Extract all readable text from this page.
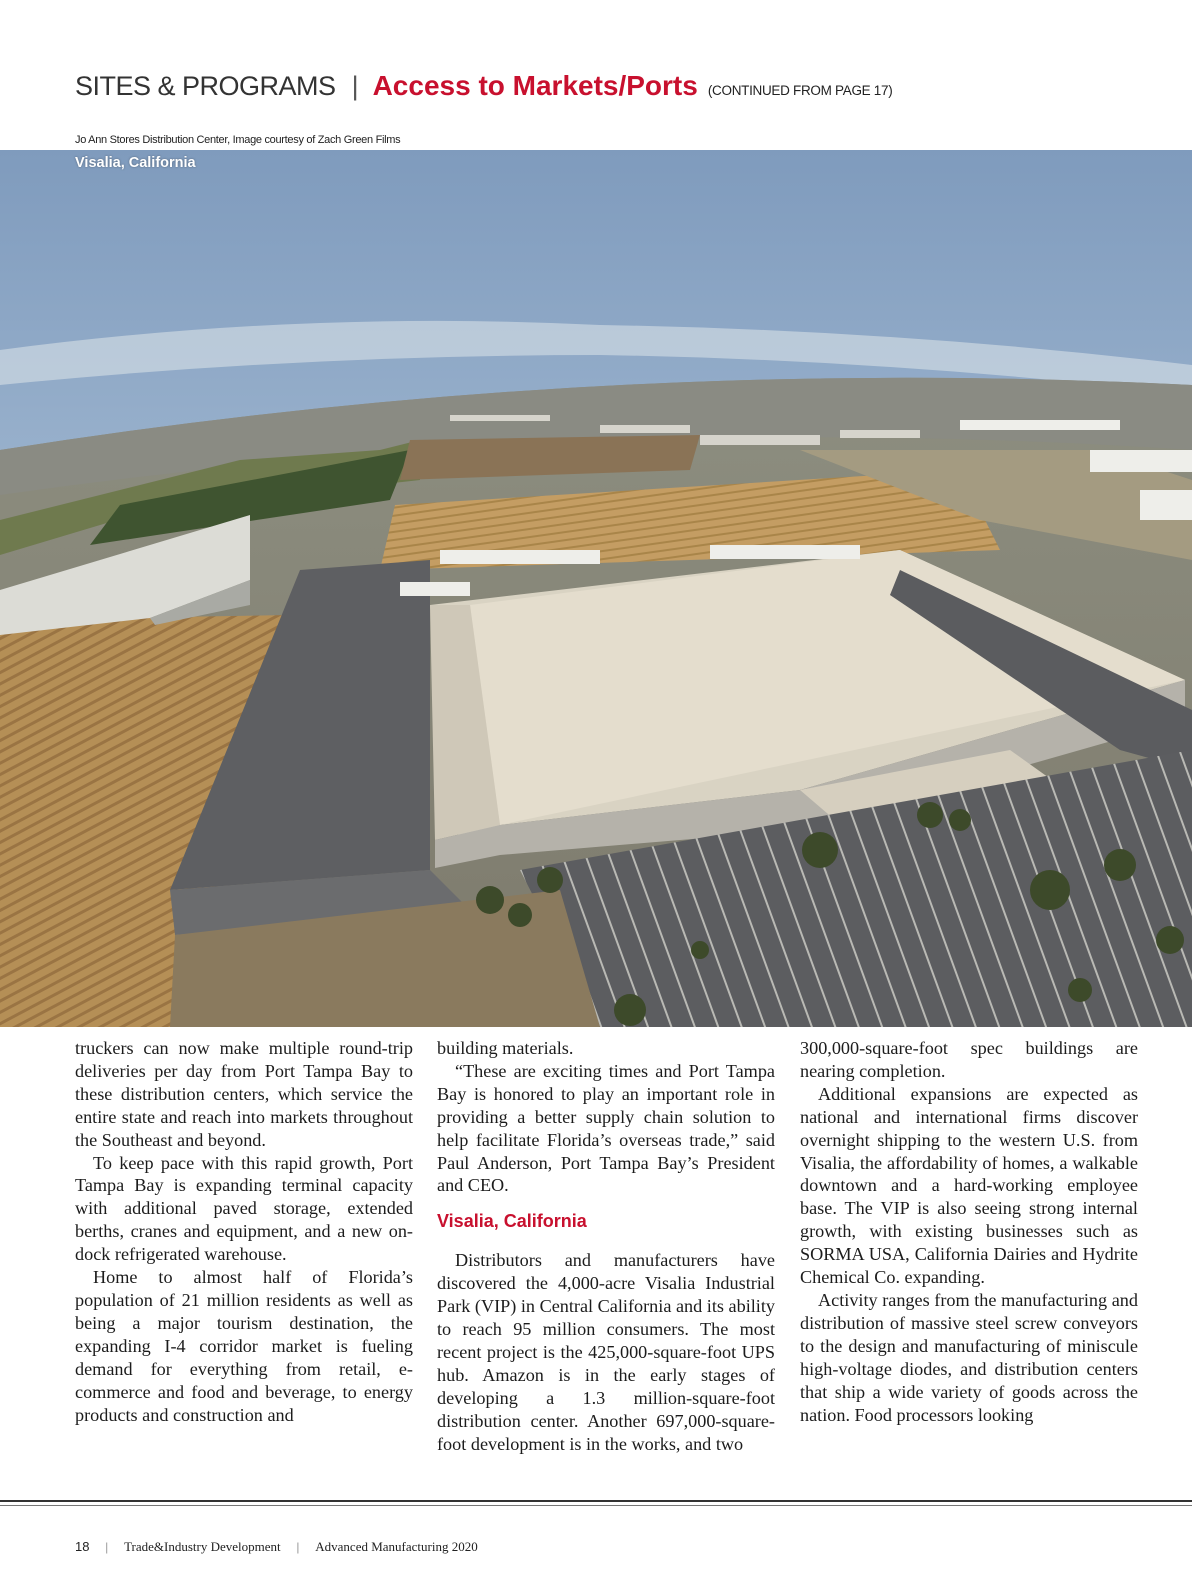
SITES & PROGRAMS | Access to Markets/Ports (CONTINUED FROM PAGE 17)
Jo Ann Stores Distribution Center, Image courtesy of Zach Green Films
Visalia, California

truckers can now make multiple round-trip deliveries per day from Port Tampa Bay to these distribution centers, which service the entire state and reach into markets throughout the Southeast and beyond.

To keep pace with this rapid growth, Port Tampa Bay is expanding terminal capacity with additional paved storage, extended berths, cranes and equipment, and a new on-dock refrigerated warehouse.

Home to almost half of Florida’s population of 21 million residents as well as being a major tourism destination, the expanding I-4 corridor market is fueling demand for everything from retail, e-commerce and food and beverage, to energy products and construction and

building materials.

“These are exciting times and Port Tampa Bay is honored to play an important role in providing a better supply chain solution to help facilitate Florida’s overseas trade,” said Paul Anderson, Port Tampa Bay’s President and CEO.

Visalia, California

Distributors and manufacturers have discovered the 4,000-acre Visalia Industrial Park (VIP) in Central California and its ability to reach 95 million consumers. The most recent project is the 425,000-square-foot UPS hub. Amazon is in the early stages of developing a 1.3 million-square-foot distribution center. Another 697,000-square-foot development is in the works, and two

300,000-square-foot spec buildings are nearing completion.

Additional expansions are expected as national and international firms discover overnight shipping to the western U.S. from Visalia, the affordability of homes, a walkable downtown and a hard-working employee base. The VIP is also seeing strong internal growth, with existing businesses such as SORMA USA, California Dairies and Hydrite Chemical Co. expanding.

Activity ranges from the manufacturing and distribution of massive steel screw conveyors to the design and manufacturing of miniscule high-voltage diodes, and distribution centers that ship a wide variety of goods across the nation. Food processors looking

18 | Trade&Industry Development | Advanced Manufacturing 2020
